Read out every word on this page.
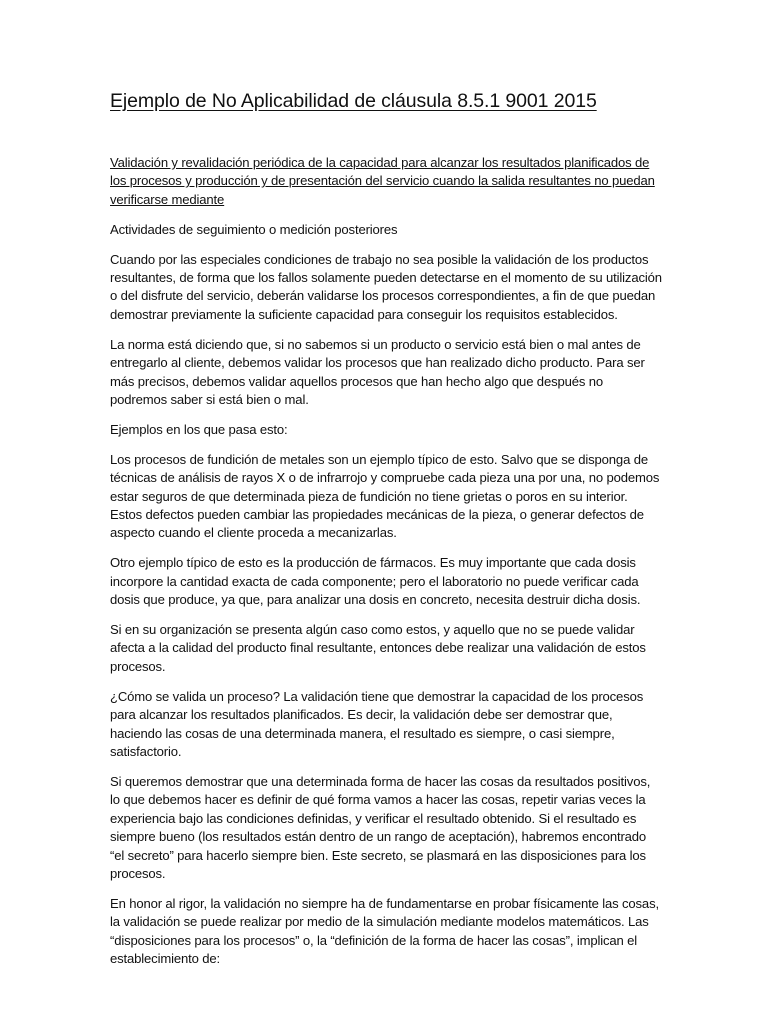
Ejemplo de No Aplicabilidad de cláusula 8.5.1 9001 2015

Validación y revalidación periódica de la capacidad para alcanzar los resultados planificados de los procesos y producción y de presentación del servicio cuando la salida resultantes no puedan verificarse mediante

Actividades de seguimiento o medición posteriores

Cuando por las especiales condiciones de trabajo no sea posible la validación de los productos resultantes, de forma que los fallos solamente pueden detectarse en el momento de su utilización o del disfrute del servicio, deberán validarse los procesos correspondientes, a fin de que puedan demostrar previamente la suficiente capacidad para conseguir los requisitos establecidos.

La norma está diciendo que, si no sabemos si un producto o servicio está bien o mal antes de entregarlo al cliente, debemos validar los procesos que han realizado dicho producto. Para ser más precisos, debemos validar aquellos procesos que han hecho algo que después no podremos saber si está bien o mal.

Ejemplos en los que pasa esto:

Los procesos de fundición de metales son un ejemplo típico de esto. Salvo que se disponga de técnicas de análisis de rayos X o de infrarrojo y compruebe cada pieza una por una, no podemos estar seguros de que determinada pieza de fundición no tiene grietas o poros en su interior. Estos defectos pueden cambiar las propiedades mecánicas de la pieza, o generar defectos de aspecto cuando el cliente proceda a mecanizarlas.

Otro ejemplo típico de esto es la producción de fármacos. Es muy importante que cada dosis incorpore la cantidad exacta de cada componente; pero el laboratorio no puede verificar cada dosis que produce, ya que, para analizar una dosis en concreto, necesita destruir dicha dosis.

Si en su organización se presenta algún caso como estos, y aquello que no se puede validar afecta a la calidad del producto final resultante, entonces debe realizar una validación de estos procesos.

¿Cómo se valida un proceso? La validación tiene que demostrar la capacidad de los procesos para alcanzar los resultados planificados. Es decir, la validación debe ser demostrar que, haciendo las cosas de una determinada manera, el resultado es siempre, o casi siempre, satisfactorio.

Si queremos demostrar que una determinada forma de hacer las cosas da resultados positivos, lo que debemos hacer es definir de qué forma vamos a hacer las cosas, repetir varias veces la experiencia bajo las condiciones definidas, y verificar el resultado obtenido. Si el resultado es siempre bueno (los resultados están dentro de un rango de aceptación), habremos encontrado “el secreto” para hacerlo siempre bien. Este secreto, se plasmará en las disposiciones para los procesos.

En honor al rigor, la validación no siempre ha de fundamentarse en probar físicamente las cosas, la validación se puede realizar por medio de la simulación mediante modelos matemáticos. Las “disposiciones para los procesos” o, la “definición de la forma de hacer las cosas”, implican el establecimiento de:
